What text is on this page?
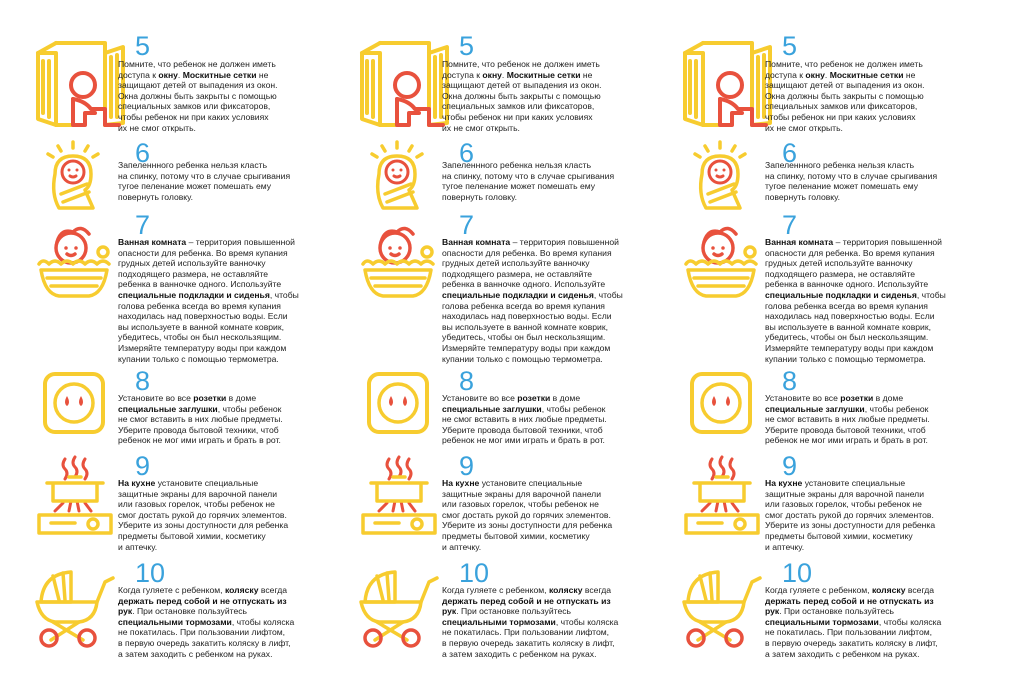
5

Помните, что ребенок не должен иметь
доступа к окну. Москитные сетки не
защищают детей от выпадения из окон.
Окна должны быть закрыты с помощью
специальных замков или фиксаторов,
чтобы ребенок ни при каких условиях
их не смог открыть.

6

Запеленнного ребенка нельзя класть
на спинку, потому что в случае срыгивания
тугое пеленание может помешать ему
повернуть головку.

7

Ванная комната – территория повышенной
опасности для ребенка. Во время купания
грудных детей используйте ванночку
подходящего размера, не оставляйте
ребенка в ванночке одного. Используйте
специальные подкладки и сиденья, чтобы
голова ребенка всегда во время купания
находилась над поверхностью воды. Если
вы используете в ванной комнате коврик,
убедитесь, чтобы он был нескользящим.
Измеряйте температуру воды при каждом
купании только с помощью термометра.

8

Установите во все розетки в доме
специальные заглушки, чтобы ребенок
не смог вставить в них любые предметы.
Уберите провода бытовой техники, чтоб
ребенок не мог ими играть и брать в рот.

9

На кухне установите специальные
защитные экраны для варочной панели
или газовых горелок, чтобы ребенок не
смог достать рукой до горячих элементов.
Уберите из зоны доступности для ребенка
предметы бытовой химии, косметику
и аптечку.

10

Когда гуляете с ребенком, коляску всегда
держать перед собой и не отпускать из
рук. При остановке пользуйтесь
специальными тормозами, чтобы коляска
не покатилась. При пользовании лифтом,
в первую очередь закатить коляску в лифт,
а затем заходить с ребенком на руках.

5

Помните, что ребенок не должен иметь
доступа к окну. Москитные сетки не
защищают детей от выпадения из окон.
Окна должны быть закрыты с помощью
специальных замков или фиксаторов,
чтобы ребенок ни при каких условиях
их не смог открыть.

6

Запеленнного ребенка нельзя класть
на спинку, потому что в случае срыгивания
тугое пеленание может помешать ему
повернуть головку.

7

Ванная комната – территория повышенной
опасности для ребенка. Во время купания
грудных детей используйте ванночку
подходящего размера, не оставляйте
ребенка в ванночке одного. Используйте
специальные подкладки и сиденья, чтобы
голова ребенка всегда во время купания
находилась над поверхностью воды. Если
вы используете в ванной комнате коврик,
убедитесь, чтобы он был нескользящим.
Измеряйте температуру воды при каждом
купании только с помощью термометра.

8

Установите во все розетки в доме
специальные заглушки, чтобы ребенок
не смог вставить в них любые предметы.
Уберите провода бытовой техники, чтоб
ребенок не мог ими играть и брать в рот.

9

На кухне установите специальные
защитные экраны для варочной панели
или газовых горелок, чтобы ребенок не
смог достать рукой до горячих элементов.
Уберите из зоны доступности для ребенка
предметы бытовой химии, косметику
и аптечку.

10

Когда гуляете с ребенком, коляску всегда
держать перед собой и не отпускать из
рук. При остановке пользуйтесь
специальными тормозами, чтобы коляска
не покатилась. При пользовании лифтом,
в первую очередь закатить коляску в лифт,
а затем заходить с ребенком на руках.

5

Помните, что ребенок не должен иметь
доступа к окну. Москитные сетки не
защищают детей от выпадения из окон.
Окна должны быть закрыты с помощью
специальных замков или фиксаторов,
чтобы ребенок ни при каких условиях
их не смог открыть.

6

Запеленнного ребенка нельзя класть
на спинку, потому что в случае срыгивания
тугое пеленание может помешать ему
повернуть головку.

7

Ванная комната – территория повышенной
опасности для ребенка. Во время купания
грудных детей используйте ванночку
подходящего размера, не оставляйте
ребенка в ванночке одного. Используйте
специальные подкладки и сиденья, чтобы
голова ребенка всегда во время купания
находилась над поверхностью воды. Если
вы используете в ванной комнате коврик,
убедитесь, чтобы он был нескользящим.
Измеряйте температуру воды при каждом
купании только с помощью термометра.

8

Установите во все розетки в доме
специальные заглушки, чтобы ребенок
не смог вставить в них любые предметы.
Уберите провода бытовой техники, чтоб
ребенок не мог ими играть и брать в рот.

9

На кухне установите специальные
защитные экраны для варочной панели
или газовых горелок, чтобы ребенок не
смог достать рукой до горячих элементов.
Уберите из зоны доступности для ребенка
предметы бытовой химии, косметику
и аптечку.

10

Когда гуляете с ребенком, коляску всегда
держать перед собой и не отпускать из
рук. При остановке пользуйтесь
специальными тормозами, чтобы коляска
не покатилась. При пользовании лифтом,
в первую очередь закатить коляску в лифт,
а затем заходить с ребенком на руках.
